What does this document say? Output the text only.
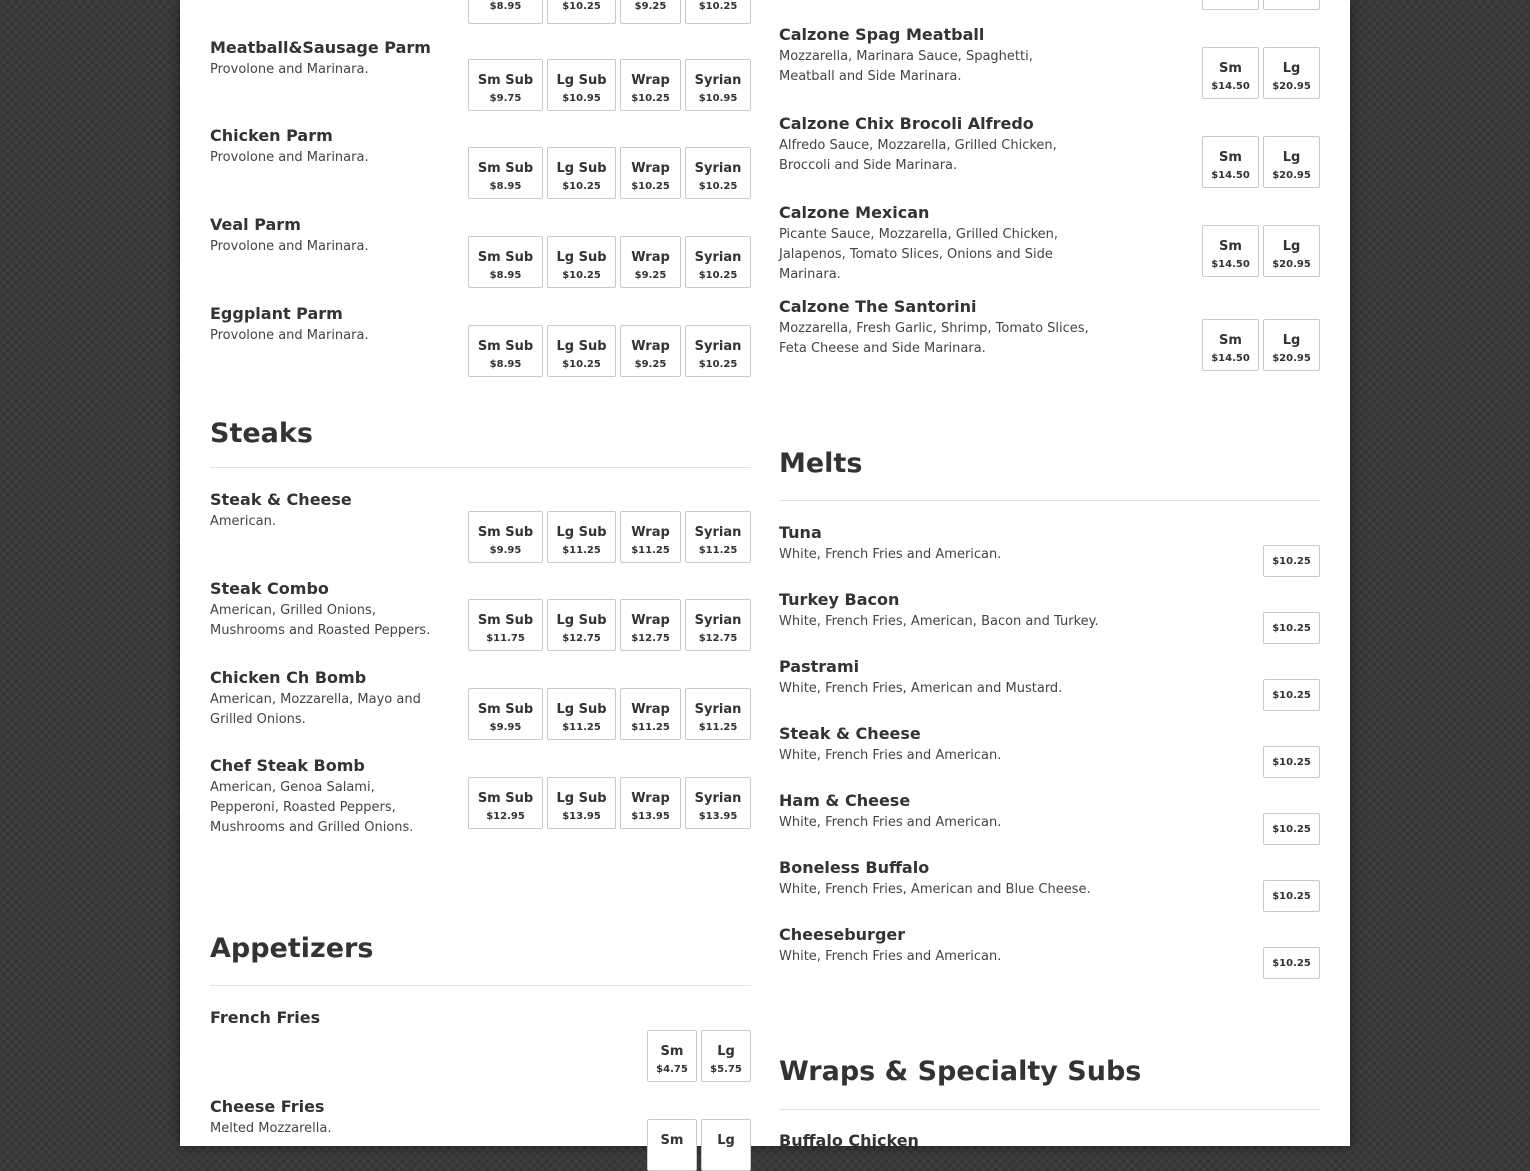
$8.95	$10.25	$9.25	$10.25
Meatball&Sausage Parm
Provolone and Marinara.
Sm Sub
$9.75
Lg Sub
$10.95
Wrap
$10.25
Syrian
$10.95
Chicken Parm
Provolone and Marinara.
Sm Sub
$8.95
Lg Sub
$10.25
Wrap
$10.25
Syrian
$10.25
Veal Parm
Provolone and Marinara.
Sm Sub
$8.95
Lg Sub
$10.25
Wrap
$9.25
Syrian
$10.25
Eggplant Parm
Provolone and Marinara.
Sm Sub
$8.95
Lg Sub
$10.25
Wrap
$9.25
Syrian
$10.25
Steaks
Steak & Cheese
American.
Sm Sub
$9.95
Lg Sub
$11.25
Wrap
$11.25
Syrian
$11.25
Steak Combo
American, Grilled Onions,
Mushrooms and Roasted Peppers.
Sm Sub
$11.75
Lg Sub
$12.75
Wrap
$12.75
Syrian
$12.75
Chicken Ch Bomb
American, Mozzarella, Mayo and
Grilled Onions.
Sm Sub
$9.95
Lg Sub
$11.25
Wrap
$11.25
Syrian
$11.25
Chef Steak Bomb
American, Genoa Salami,
Pepperoni, Roasted Peppers,
Mushrooms and Grilled Onions.
Sm Sub
$12.95
Lg Sub
$13.95
Wrap
$13.95
Syrian
$13.95
Appetizers
French Fries
Sm
$4.75
Lg
$5.75
Cheese Fries
Melted Mozzarella.
Sm	Lg
Calzone Spag Meatball
Mozzarella, Marinara Sauce, Spaghetti,
Meatball and Side Marinara.
Sm
$14.50
Lg
$20.95
Calzone Chix Brocoli Alfredo
Alfredo Sauce, Mozzarella, Grilled Chicken,
Broccoli and Side Marinara.
Sm
$14.50
Lg
$20.95
Calzone Mexican
Picante Sauce, Mozzarella, Grilled Chicken,
Jalapenos, Tomato Slices, Onions and Side
Marinara.
Sm
$14.50
Lg
$20.95
Calzone The Santorini
Mozzarella, Fresh Garlic, Shrimp, Tomato Slices,
Feta Cheese and Side Marinara.
Sm
$14.50
Lg
$20.95
Melts
Tuna
White, French Fries and American.	$10.25
Turkey Bacon
White, French Fries, American, Bacon and Turkey.	$10.25
Pastrami
White, French Fries, American and Mustard.	$10.25
Steak & Cheese
White, French Fries and American.	$10.25
Ham & Cheese
White, French Fries and American.	$10.25
Boneless Buffalo
White, French Fries, American and Blue Cheese.	$10.25
Cheeseburger
White, French Fries and American.	$10.25
Wraps & Specialty Subs
Buffalo Chicken
